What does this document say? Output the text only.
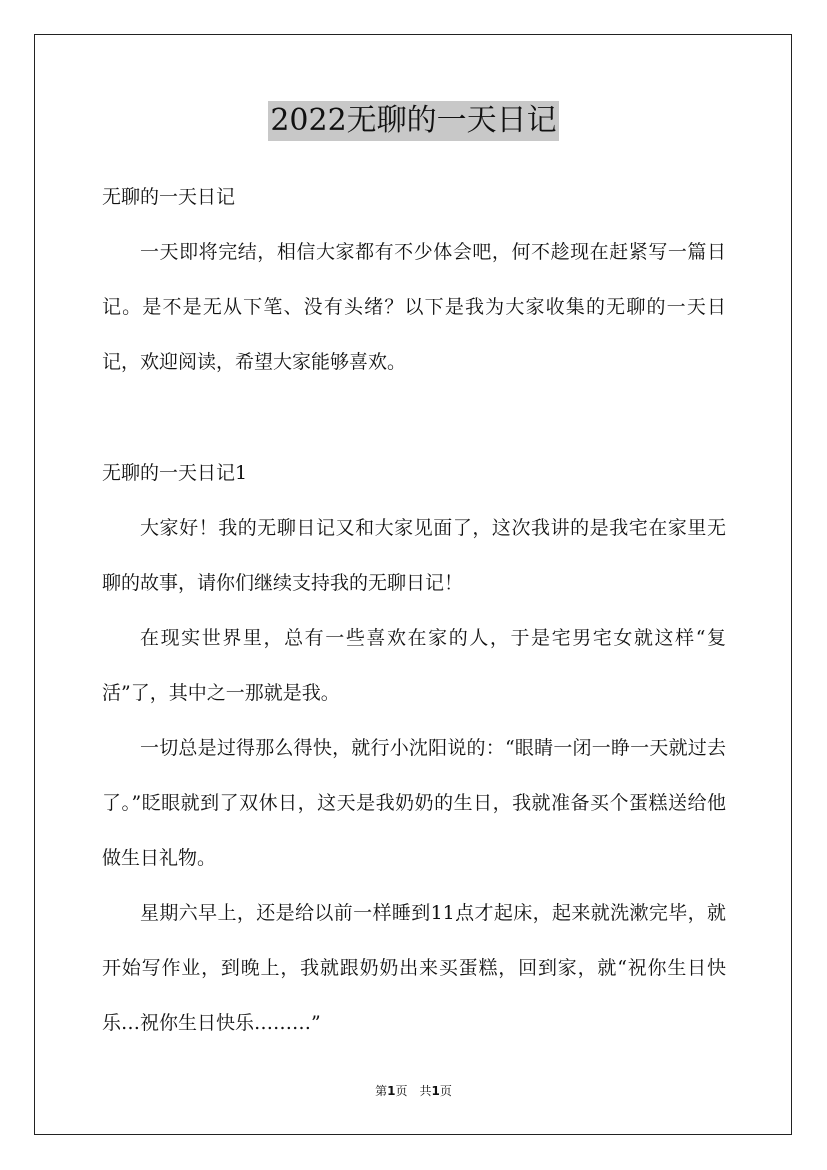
2022无聊的一天日记

无聊的一天日记

一天即将完结，相信大家都有不少体会吧，何不趁现在赶紧写一篇日记。是不是无从下笔、没有头绪？以下是我为大家收集的无聊的一天日记，欢迎阅读，希望大家能够喜欢。

无聊的一天日记1

大家好！我的无聊日记又和大家见面了，这次我讲的是我宅在家里无聊的故事，请你们继续支持我的无聊日记！

在现实世界里，总有一些喜欢在家的人，于是宅男宅女就这样“复活”了，其中之一那就是我。

一切总是过得那么得快，就行小沈阳说的：“眼睛一闭一睁一天就过去了。”眨眼就到了双休日，这天是我奶奶的生日，我就准备买个蛋糕送给他做生日礼物。

星期六早上，还是给以前一样睡到11点才起床，起来就洗漱完毕，就开始写作业，到晚上，我就跟奶奶出来买蛋糕，回到家，就“祝你生日快乐…祝你生日快乐………”

第1页　共1页
